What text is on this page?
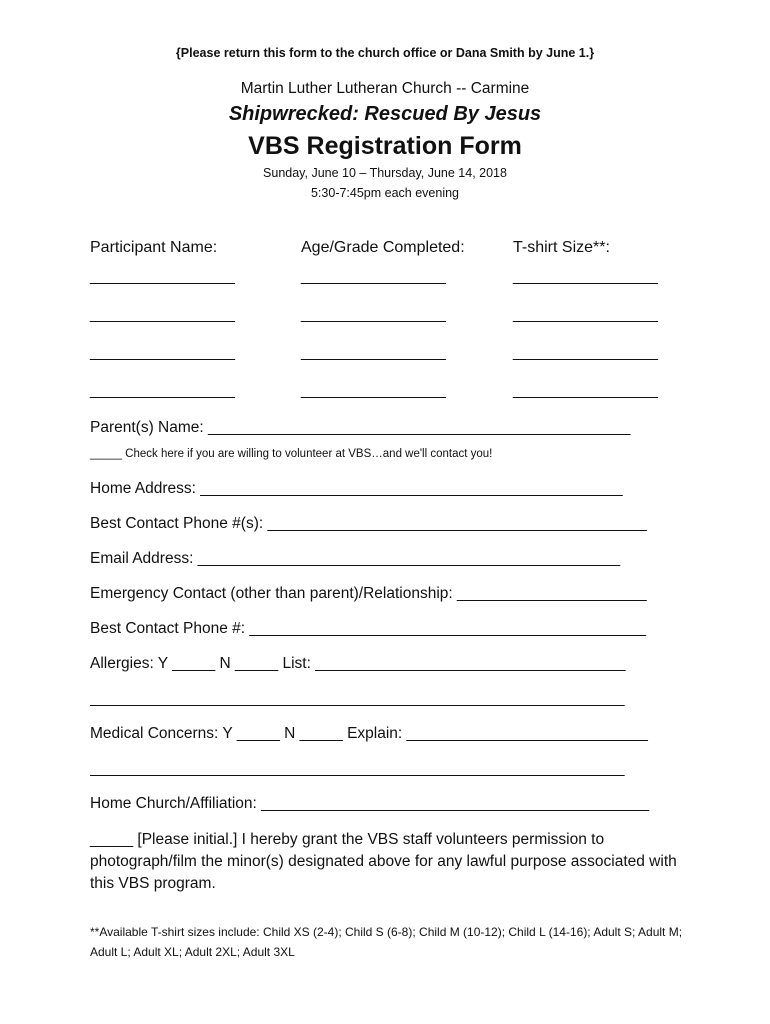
{Please return this form to the church office or Dana Smith by June 1.}
Martin Luther Lutheran Church -- Carmine
Shipwrecked: Rescued By Jesus
VBS Registration Form
Sunday, June 10 – Thursday, June 14, 2018
5:30-7:45pm each evening
Participant Name:	Age/Grade Completed:	T-shirt Size**:
_________________	_________________	_________________
_________________	_________________	_________________
_________________	_________________	_________________
_________________	_________________	_________________
Parent(s) Name: _________________________________________________
_____ Check here if you are willing to volunteer at VBS…and we'll contact you!
Home Address: _________________________________________________
Best Contact Phone #(s): ____________________________________________
Email Address: _________________________________________________
Emergency Contact (other than parent)/Relationship: ______________________
Best Contact Phone #: ______________________________________________
Allergies: Y _____ N _____ List: ____________________________________
______________________________________________________________
Medical Concerns: Y _____ N _____ Explain: ____________________________
______________________________________________________________
Home Church/Affiliation: _____________________________________________
_____ [Please initial.] I hereby grant the VBS staff volunteers permission to photograph/film the minor(s) designated above for any lawful purpose associated with this VBS program.
**Available T-shirt sizes include: Child XS (2-4); Child S (6-8); Child M (10-12); Child L (14-16); Adult S; Adult M; Adult L; Adult XL; Adult 2XL; Adult 3XL
